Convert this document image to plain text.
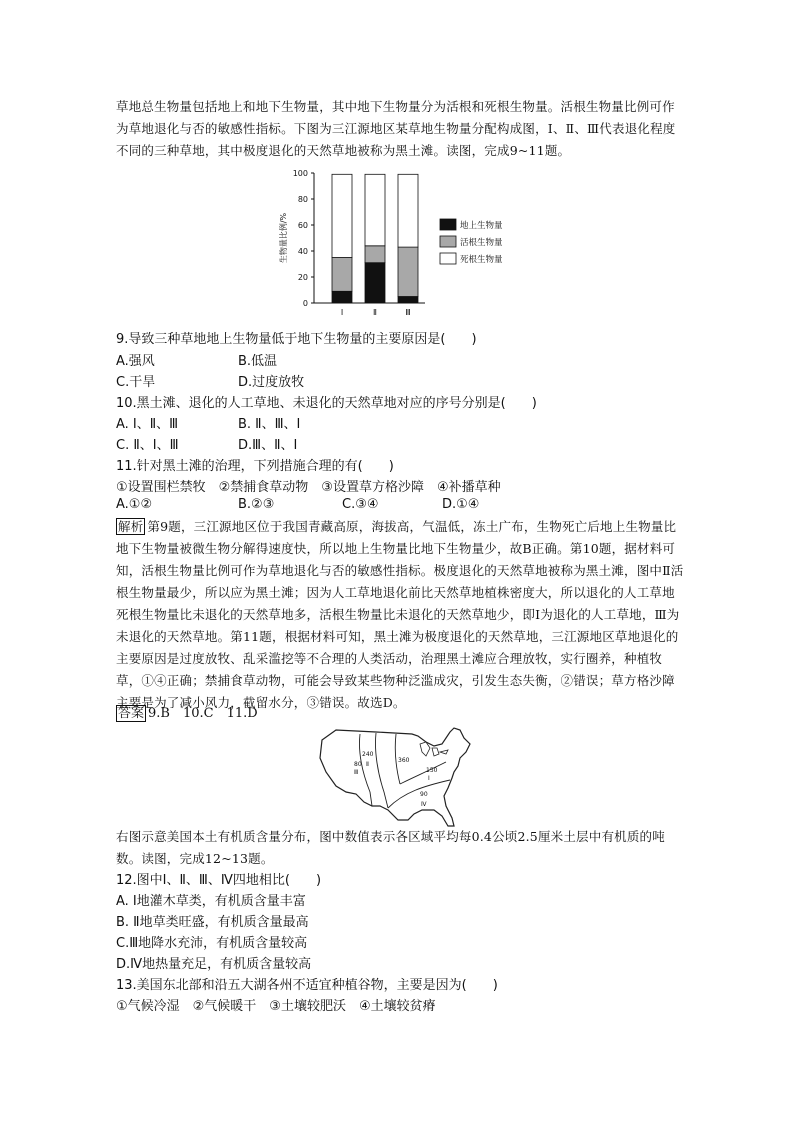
草地总生物量包括地上和地下生物量，其中地下生物量分为活根和死根生物量。活根生物量比例可作为草地退化与否的敏感性指标。下图为三江源地区某草地生物量分配构成图，Ⅰ、Ⅱ、Ⅲ代表退化程度不同的三种草地，其中极度退化的天然草地被称为黑土滩。读图，完成9~11题。
0
20
40
60
80
100
生物量比例/%
Ⅰ	Ⅱ	Ⅲ
地上生物量
活根生物量
死根生物量
9.导致三种草地地上生物量低于地下生物量的主要原因是(　　)
A.强风	B.低温
C.干旱	D.过度放牧
10.黑土滩、退化的人工草地、未退化的天然草地对应的序号分别是(　　)
A. Ⅰ、Ⅱ、Ⅲ	B. Ⅱ、Ⅲ、Ⅰ
C. Ⅱ、Ⅰ、Ⅲ	D.Ⅲ、Ⅱ、Ⅰ
11.针对黑土滩的治理，下列措施合理的有(　　)
①设置围栏禁牧　②禁捕食草动物　③设置草方格沙障　④补播草种
A.①②	B.②③	C.③④	D.①④
解析 第9题，三江源地区位于我国青藏高原，海拔高，气温低，冻土广布，生物死亡后地上生物量比地下生物量被微生物分解得速度快，所以地上生物量比地下生物量少，故B正确。第10题，据材料可知，活根生物量比例可作为草地退化与否的敏感性指标。极度退化的天然草地被称为黑土滩，图中Ⅱ活根生物量最少，所以应为黑土滩；因为人工草地退化前比天然草地植株密度大，所以退化的人工草地死根生物量比未退化的天然草地多，活根生物量比未退化的天然草地少，即Ⅰ为退化的人工草地，Ⅲ为未退化的天然草地。第11题，根据材料可知，黑土滩为极度退化的天然草地，三江源地区草地退化的主要原因是过度放牧、乱采滥挖等不合理的人类活动，治理黑土滩应合理放牧，实行圈养，种植牧草，①④正确；禁捕食草动物，可能会导致某些物种泛滥成灾，引发生态失衡，②错误；草方格沙障主要是为了减小风力，截留水分，③错误。故选D。
答案 9.B　10.C　11.D
240
Ⅱ
360
150
Ⅰ
80
Ⅲ
90
Ⅳ
右图示意美国本土有机质含量分布，图中数值表示各区域平均每0.4公顷2.5厘米土层中有机质的吨数。读图，完成12~13题。
12.图中Ⅰ、Ⅱ、Ⅲ、Ⅳ四地相比(　　)
A. Ⅰ地灌木草类，有机质含量丰富
B. Ⅱ地草类旺盛，有机质含量最高
C.Ⅲ地降水充沛，有机质含量较高
D.Ⅳ地热量充足，有机质含量较高
13.美国东北部和沿五大湖各州不适宜种植谷物，主要是因为(　　)
①气候冷湿　②气候暖干　③土壤较肥沃　④土壤较贫瘠
